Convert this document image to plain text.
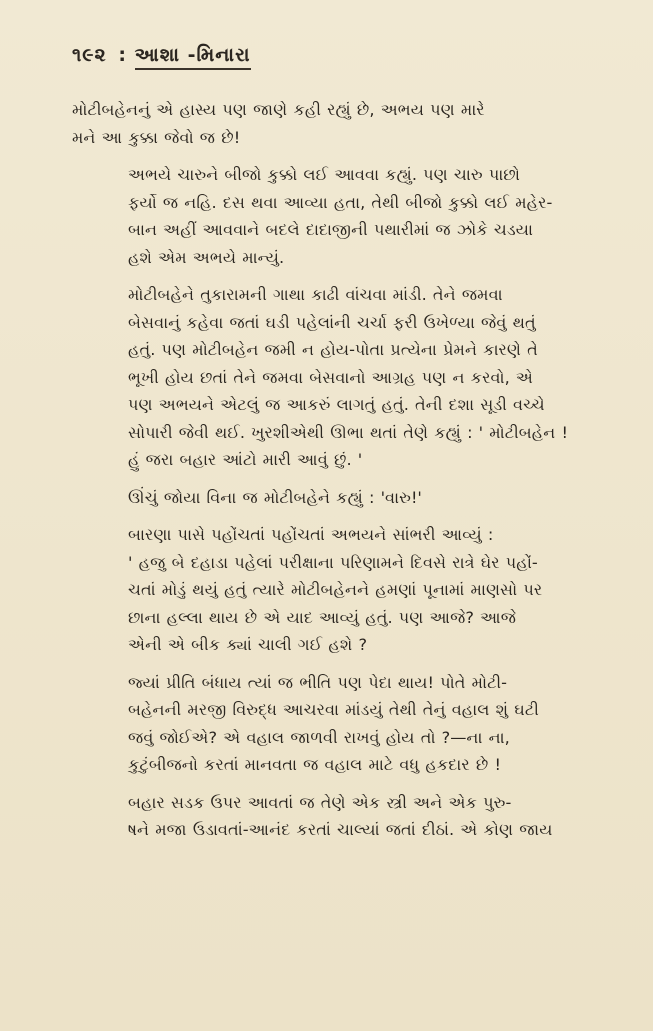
૧૯૨ : આશા -મિનારા

મોટીબહેનનું એ હાસ્ય પણ જાણે કહી રહ્યું છે, અભય પણ મારે
મને આ કુક્કા જેવો જ છે!

અભયે ચારુને બીજો કુક્કો લઈ આવવા કહ્યું. પણ ચારુ પાછો
ફર્યો જ નહિ. દસ થવા આવ્યા હતા, તેથી બીજો કુક્કો લઈ મહેર-
બાન અહીં આવવાને બદલે દાદાજીની પથારીમાં જ ઝોકે ચડયા
હશે એમ અભયે માન્યું.

મોટીબહેને તુકારામની ગાથા કાઢી વાંચવા માંડી. તેને જમવા
બેસવાનું કહેવા જતાં ઘડી પહેલાંની ચર્ચા ફરી ઉખેળ્યા જેવું થતું
હતું. પણ મોટીબહેન જમી ન હોય-પોતા પ્રત્યેના પ્રેમને કારણે તે
ભૂખી હોય છતાં તેને જમવા બેસવાનો આગ્રહ પણ ન કરવો, એ
પણ અભયને એટલું જ આકરું લાગતું હતું. તેની દશા સૂડી વચ્ચે
સોપારી જેવી થઈ. ખુરશીએથી ઊભા થતાં તેણે કહ્યું : ' મોટીબહેન !
હું જરા બહાર આંટો મારી આવું છું. '

ઊંચું જોયા વિના જ મોટીબહેને કહ્યું : 'વારુ!'

બારણા પાસે પહોંચતાં પહોંચતાં અભયને સાંભરી આવ્યું :
' હજુ બે દહાડા પહેલાં પરીક્ષાના પરિણામને દિવસે રાત્રે ઘેર પહોં-
ચતાં મોડું થયું હતું ત્યારે મોટીબહેનને હમણાં પૂનામાં માણસો પર
છાના હલ્લા થાય છે એ યાદ આવ્યું હતું. પણ આજે? આજે
એની એ બીક ક્યાં ચાલી ગઈ હશે ?

જ્યાં પ્રીતિ બંધાય ત્યાં જ ભીતિ પણ પેદા થાય! પોતે મોટી-
બહેનની મરજી વિરુદ્ધ આચરવા માંડયું તેથી તેનું વહાલ શું ઘટી
જવું જોઈએ? એ વહાલ જાળવી રાખવું હોય તો ?—ના ના,
કુટુંબીજનો કરતાં માનવતા જ વહાલ માટે વધુ હકદાર છે !

બહાર સડક ઉપર આવતાં જ તેણે એક સ્ત્રી અને એક પુરુ-
ષને મજા ઉડાવતાં-આનંદ કરતાં ચાલ્યાં જતાં દીઠાં. એ કોણ જાય
